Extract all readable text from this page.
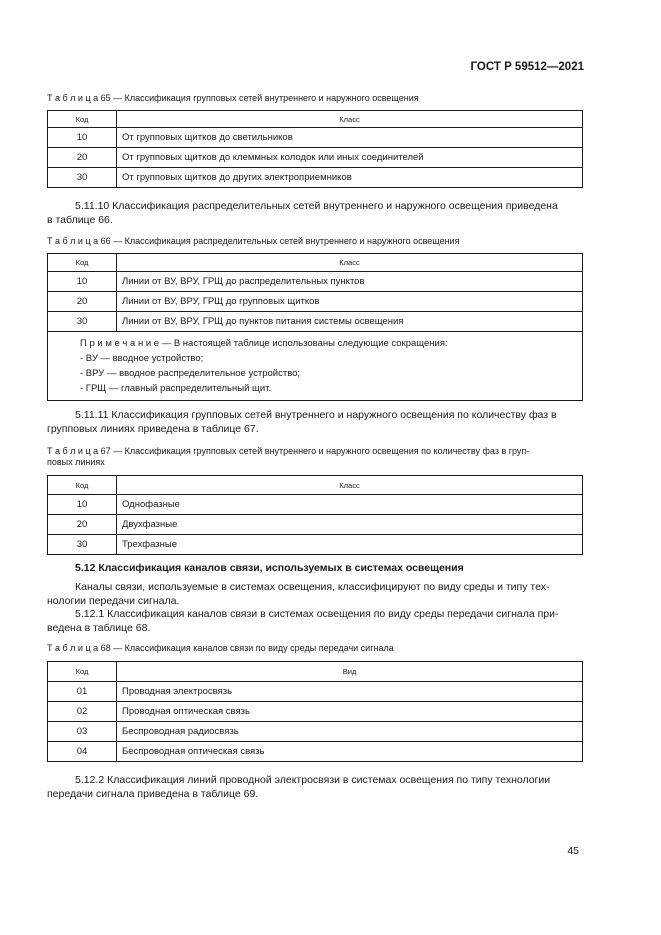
ГОСТ Р 59512—2021
Т а б л и ц а 65 — Классификация групповых сетей внутреннего и наружного освещения
Код	Класс
10	От групповых щитков до светильников
20	От групповых щитков до клеммных колодок или иных соединителей
30	От групповых щитков до других электроприемников
5.11.10 Классификация распределительных сетей внутреннего и наружного освещения приведена
в таблице 66.
Т а б л и ц а 66 — Классификация распределительных сетей внутреннего и наружного освещения
Код	Класс
10	Линии от ВУ, ВРУ, ГРЩ до распределительных пунктов
20	Линии от ВУ, ВРУ, ГРЩ до групповых щитков
30	Линии от ВУ, ВРУ, ГРЩ до пунктов питания системы освещения

П р и м е ч а н и е — В настоящей таблице использованы следующие сокращения:
- ВУ — вводное устройство;
- ВРУ — вводное распределительное устройство;
- ГРЩ — главный распределительный щит.	
5.11.11 Классификация групповых сетей внутреннего и наружного освещения по количеству фаз в
групповых линиях приведена в таблице 67.
Т а б л и ц а 67 — Классификация групповых сетей внутреннего и наружного освещения по количеству фаз в груп-
повых линиях
Код	Класс
10	Однофазные
20	Двухфазные
30	Трехфазные
5.12 Классификация каналов связи, используемых в системах освещения
Каналы связи, используемые в системах освещения, классифицируют по виду среды и типу тех-
нологии передачи сигнала.
5.12.1 Классификация каналов связи в системах освещения по виду среды передачи сигнала при-
ведена в таблице 68.
Т а б л и ц а 68 — Классификация каналов связи по виду среды передачи сигнала
Код	Вид
01	Проводная электросвязь
02	Проводная оптическая связь
03	Беспроводная радиосвязь
04	Беспроводная оптическая связь
5.12.2 Классификация линий проводной электросвязи в системах освещения по типу технологии
передачи сигнала приведена в таблице 69.
45
